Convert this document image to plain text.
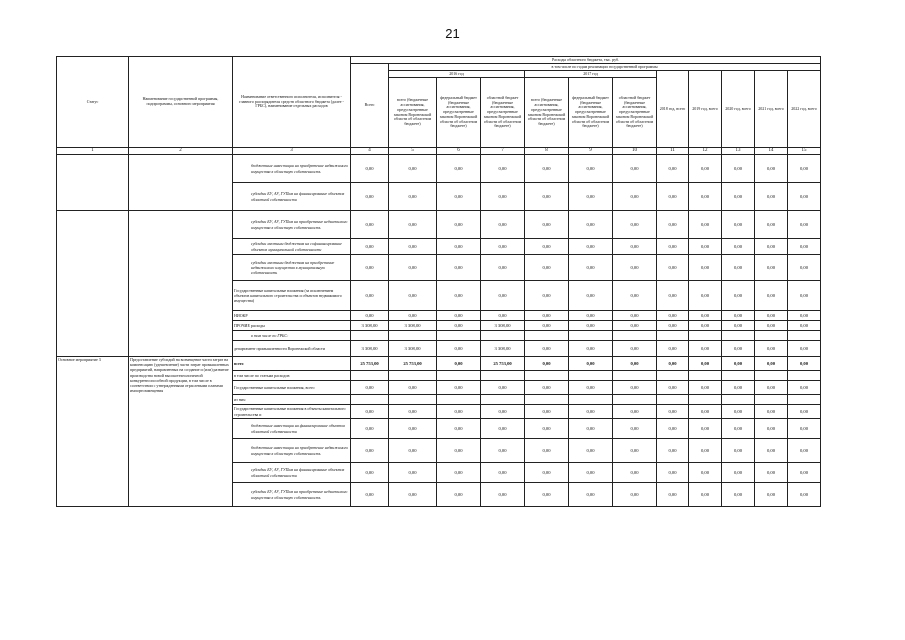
21
Статус	Наименование государственной программы, подпрограммы, основного мероприятия	Наименование ответственного исполнителя, исполнителя - главного распорядителя средств областного бюджета (далее - ГРБС), наименование отдельных расходов	Расходы областного бюджета, тыс. руб.											
			Всего	в том числе по годам реализации государственной программы										
				2016 год			2017 год			2018 год, всего	2019 год, всего	2020 год, всего	2021 год, всего	2022 год, всего
				всего (бюджетные ассигнования, предусмотренные законом Воронежской области об областном бюджете)	федеральный бюджет (бюджетные ассигнования, предусмотренные законом Воронежской области об областном бюджете)	областной бюджет (бюджетные ассигнования, предусмотренные законом Воронежской области об областном бюджете)	всего (бюджетные ассигнования, предусмотренные законом Воронежской области об областном бюджете)	федеральный бюджет (бюджетные ассигнования, предусмотренные законом Воронежской области об областном бюджете)	областной бюджет (бюджетные ассигнования, предусмотренные законом Воронежской области об областном бюджете)					
1	2	3	4	5	6	7	8	9	10	11	12	13	14	15
		бюджетные инвестиции на приобретение недвижимого имущества в областную собственность	0,00	0,00	0,00	0,00	0,00	0,00	0,00	0,00	0,00	0,00	0,00	0,00
		субсидии БУ, АУ, ГУПам на финансирование объектов областной собственности	0,00	0,00	0,00	0,00	0,00	0,00	0,00	0,00	0,00	0,00	0,00	0,00
		субсидии БУ, АУ, ГУПам на приобретение недвижимого имущества в областную собственность	0,00	0,00	0,00	0,00	0,00	0,00	0,00	0,00	0,00	0,00	0,00	0,00
		субсидии местным бюджетам на софинансирование объектов муниципальной собственности	0,00	0,00	0,00	0,00	0,00	0,00	0,00	0,00	0,00	0,00	0,00	0,00
		субсидии местным бюджетам на приобретение недвижимого имущества в муниципальную собственность	0,00	0,00	0,00	0,00	0,00	0,00	0,00	0,00	0,00	0,00	0,00	0,00
		Государственные капитальные вложения (за исключением объектов капитального строительства и объектов недвижимого имущества)	0,00	0,00	0,00	0,00	0,00	0,00	0,00	0,00	0,00	0,00	0,00	0,00
		НИОКР	0,00	0,00	0,00	0,00	0,00	0,00	0,00	0,00	0,00	0,00	0,00	0,00
		ПРОЧИЕ расходы	3 308,00	3 308,00	0,00	3 308,00	0,00	0,00	0,00	0,00	0,00	0,00	0,00	0,00
		в том числе по ГРБС:												
		департамент промышленности Воронежской области	3 308,00	3 308,00	0,00	3 308,00	0,00	0,00	0,00	0,00	0,00	0,00	0,00	0,00
Основное мероприятие 3	Предоставление субсидий на возмещение части затрат на компенсацию (удешевление) части затрат промышленных предприятий, направленных на создание и (или) развитие производства новой высокотехнологичной конкурентоспособной продукции, в том числе в соответствии с утвержденными отраслевыми планами импортозамещения	всего	25 753,00	25 753,00	0,00	25 753,00	0,00	0,00	0,00	0,00	0,00	0,00	0,00	0,00
		в том числе по статьям расходов:												
		Государственные капитальные вложения, всего	0,00	0,00	0,00	0,00	0,00	0,00	0,00	0,00	0,00	0,00	0,00	0,00
		из них:												
		Государственные капитальные вложения в объекты капитального строительства и	0,00	0,00	0,00	0,00	0,00	0,00	0,00	0,00	0,00	0,00	0,00	0,00
		бюджетные инвестиции на финансирование объектов областной собственности	0,00	0,00	0,00	0,00	0,00	0,00	0,00	0,00	0,00	0,00	0,00	0,00
		бюджетные инвестиции на приобретение недвижимого имущества в областную собственность	0,00	0,00	0,00	0,00	0,00	0,00	0,00	0,00	0,00	0,00	0,00	0,00
		субсидии БУ, АУ, ГУПам на финансирование объектов областной собственности	0,00	0,00	0,00	0,00	0,00	0,00	0,00	0,00	0,00	0,00	0,00	0,00
		субсидии БУ, АУ, ГУПам на приобретение недвижимого имущества в областную собственность	0,00	0,00	0,00	0,00	0,00	0,00	0,00	0,00	0,00	0,00	0,00	0,00
